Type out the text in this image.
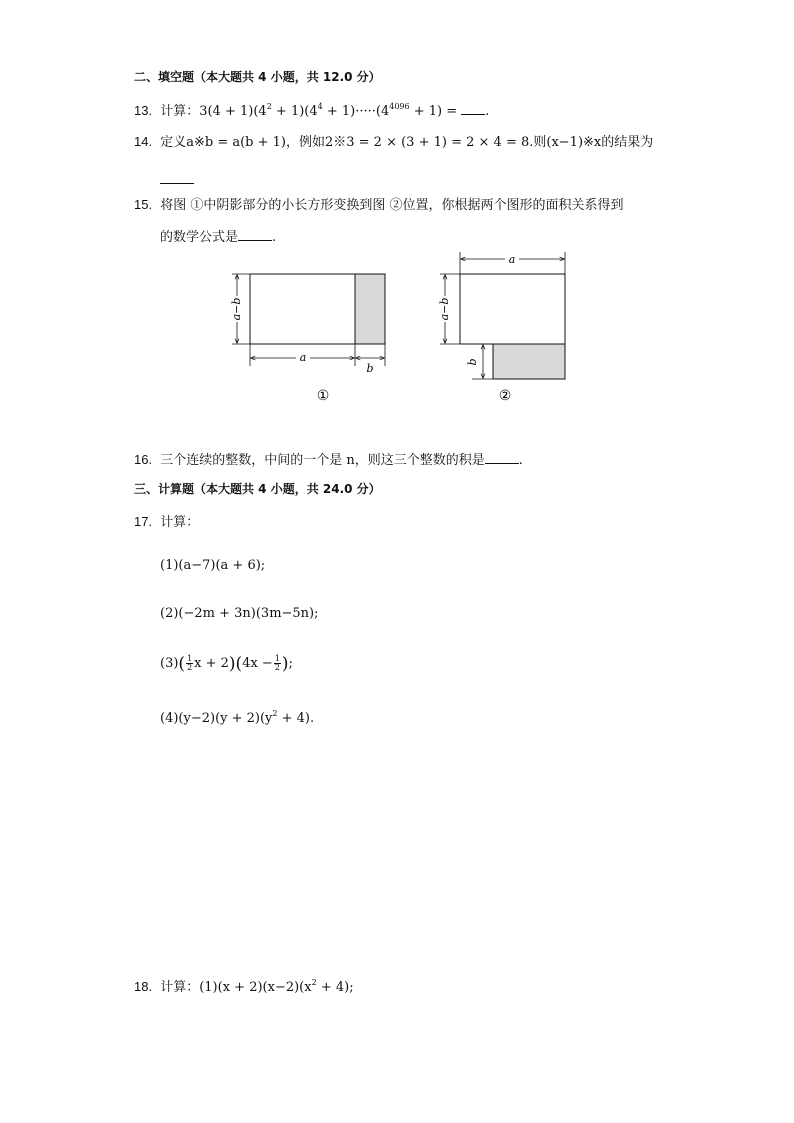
二、填空题（本大题共 4 小题，共 12.0 分）
13. 计算：$3(4 + 1)(4^2 + 1)(4^4 + 1)\cdot\cdot\cdot\cdot\cdot(4^{4096} + 1)$ = .
14. 定义a※b = a(b + 1)，例如2※3 = 2 × (3 + 1) = 2 × 4 = 8.则(x−1)※x的结果为
15. 将图 ①中阴影部分的小长方形变换到图 ②位置，你根据两个图形的面积关系得到
的数学公式是	.
a−b
a
b
①
a
a−b
b
②
16. 三个连续的整数，中间的一个是 n，则这三个整数的积是	.
三、计算题（本大题共 4 小题，共 24.0 分）
17. 计算：
(1)(a−7)(a + 6);
(2)(−2m + 3n)(3m−5n);
$(3)( \frac{1}{2}$ $x + 2)(4x - \frac{1}{2}$ );
$(4)(y-2)(y + 2)(y^2 + 4)$.
18. 计算：$(1)(x + 2)(x-2)(x^2 + 4)$;
